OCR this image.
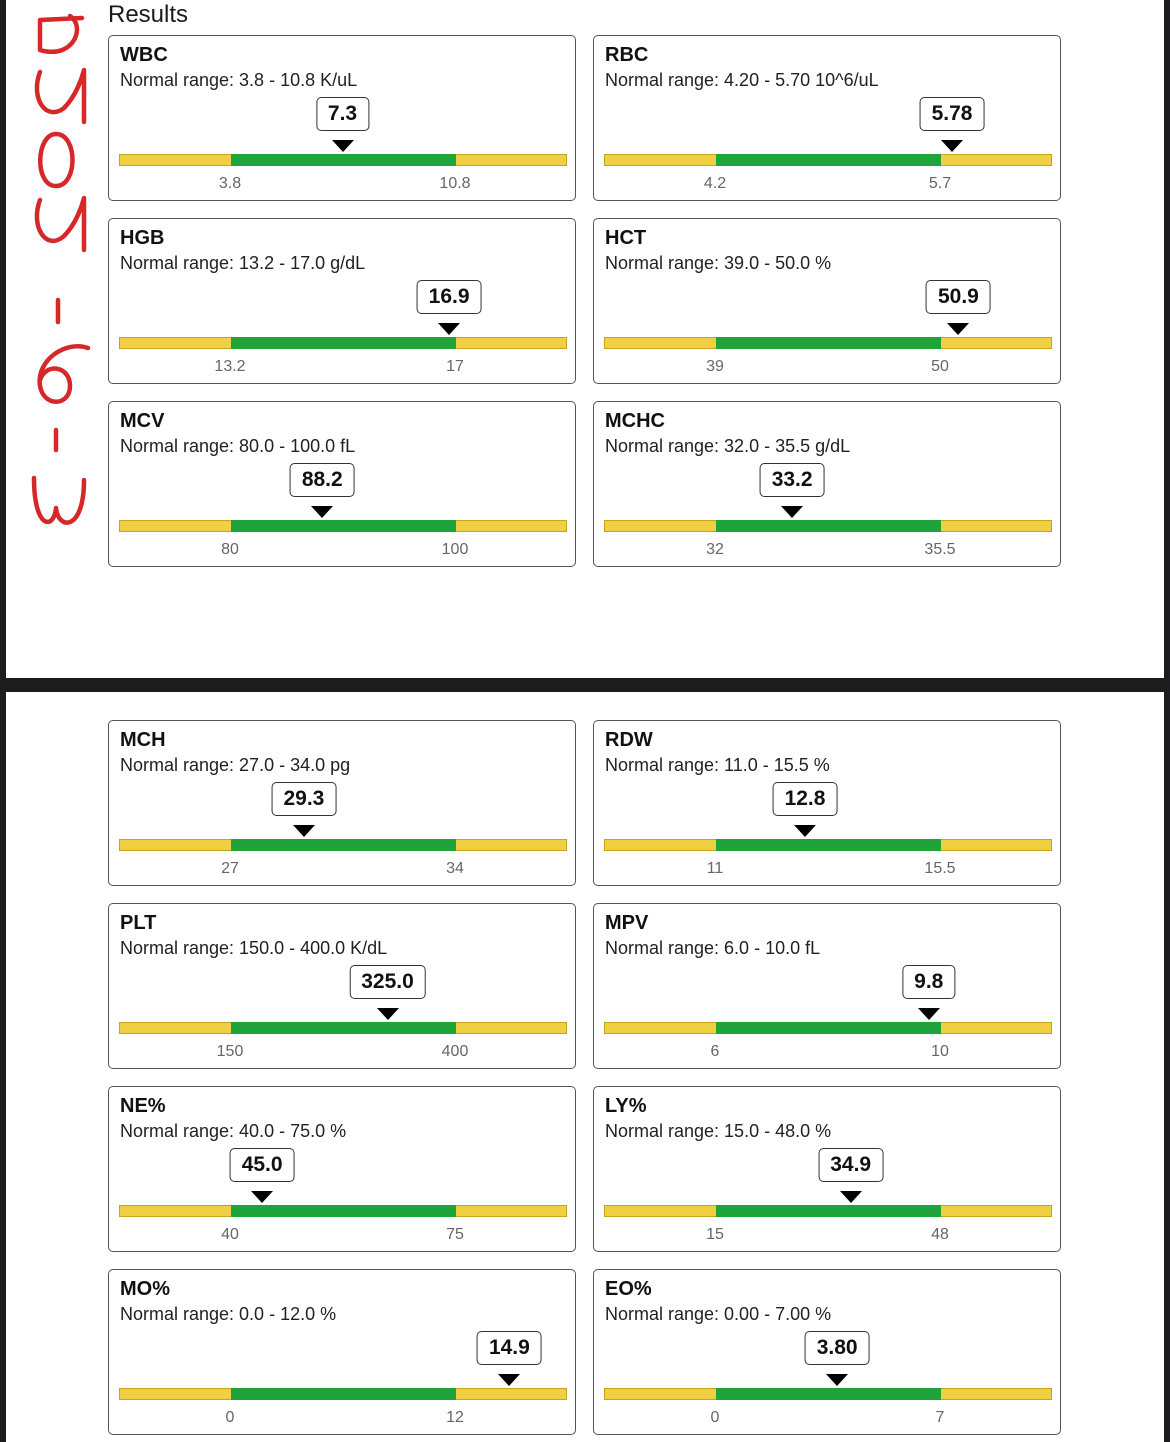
Results
WBC
Normal range: 3.8 - 10.8 K/uL
3.8	10.8
7.3
RBC
Normal range: 4.20 - 5.70 10^6/uL
4.2	5.7
5.78
HGB
Normal range: 13.2 - 17.0 g/dL
13.2	17
16.9
HCT
Normal range: 39.0 - 50.0 %
39	50
50.9
MCV
Normal range: 80.0 - 100.0 fL
80	100
88.2
MCHC
Normal range: 32.0 - 35.5 g/dL
32	35.5
33.2
MCH
Normal range: 27.0 - 34.0 pg
27	34
29.3
RDW
Normal range: 11.0 - 15.5 %
11	15.5
12.8
PLT
Normal range: 150.0 - 400.0 K/dL
150	400
325.0
MPV
Normal range: 6.0 - 10.0 fL
6	10
9.8
NE%
Normal range: 40.0 - 75.0 %
40	75
45.0
LY%
Normal range: 15.0 - 48.0 %
15	48
34.9
MO%
Normal range: 0.0 - 12.0 %
0	12
14.9
EO%
Normal range: 0.00 - 7.00 %
0	7
3.80
